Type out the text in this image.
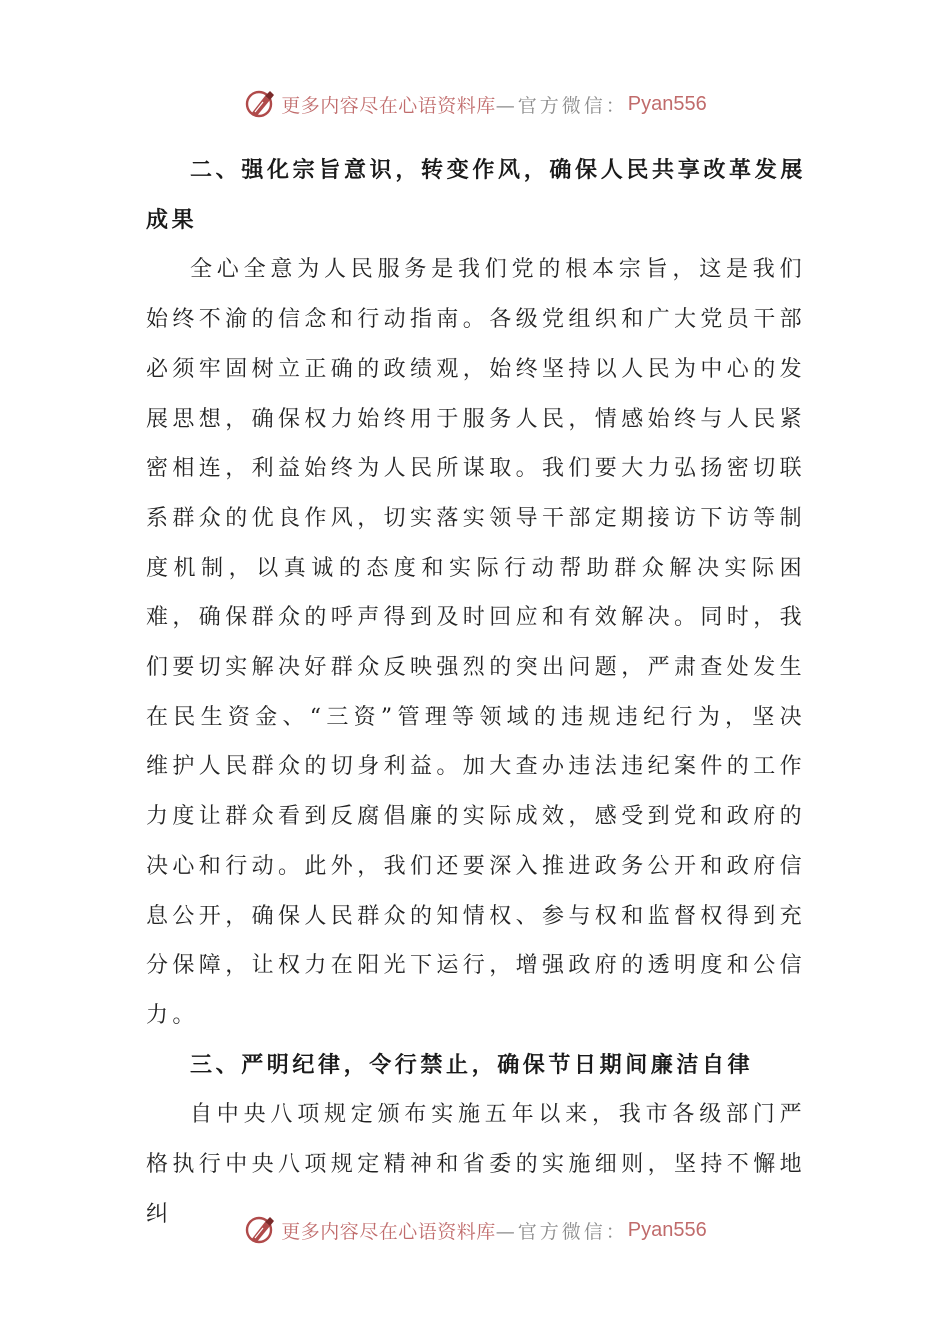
更多内容尽在心语资料库 —官方微信： Pyan556

二、强化宗旨意识，转变作风，确保人民共享改革发展成果

全心全意为人民服务是我们党的根本宗旨，这是我们始终不渝的信念和行动指南。各级党组织和广大党员干部必须牢固树立正确的政绩观，始终坚持以人民为中心的发展思想，确保权力始终用于服务人民，情感始终与人民紧密相连，利益始终为人民所谋取。我们要大力弘扬密切联系群众的优良作风，切实落实领导干部定期接访下访等制度机制，以真诚的态度和实际行动帮助群众解决实际困难，确保群众的呼声得到及时回应和有效解决。同时，我们要切实解决好群众反映强烈的突出问题，严肃查处发生在民生资金、“三资”管理等领域的违规违纪行为，坚决维护人民群众的切身利益。加大查办违法违纪案件的工作力度让群众看到反腐倡廉的实际成效，感受到党和政府的决心和行动。此外，我们还要深入推进政务公开和政府信息公开，确保人民群众的知情权、参与权和监督权得到充分保障，让权力在阳光下运行，增强政府的透明度和公信力。

三、严明纪律，令行禁止，确保节日期间廉洁自律

自中央八项规定颁布实施五年以来，我市各级部门严格执行中央八项规定精神和省委的实施细则，坚持不懈地纠

更多内容尽在心语资料库 —官方微信： Pyan556
